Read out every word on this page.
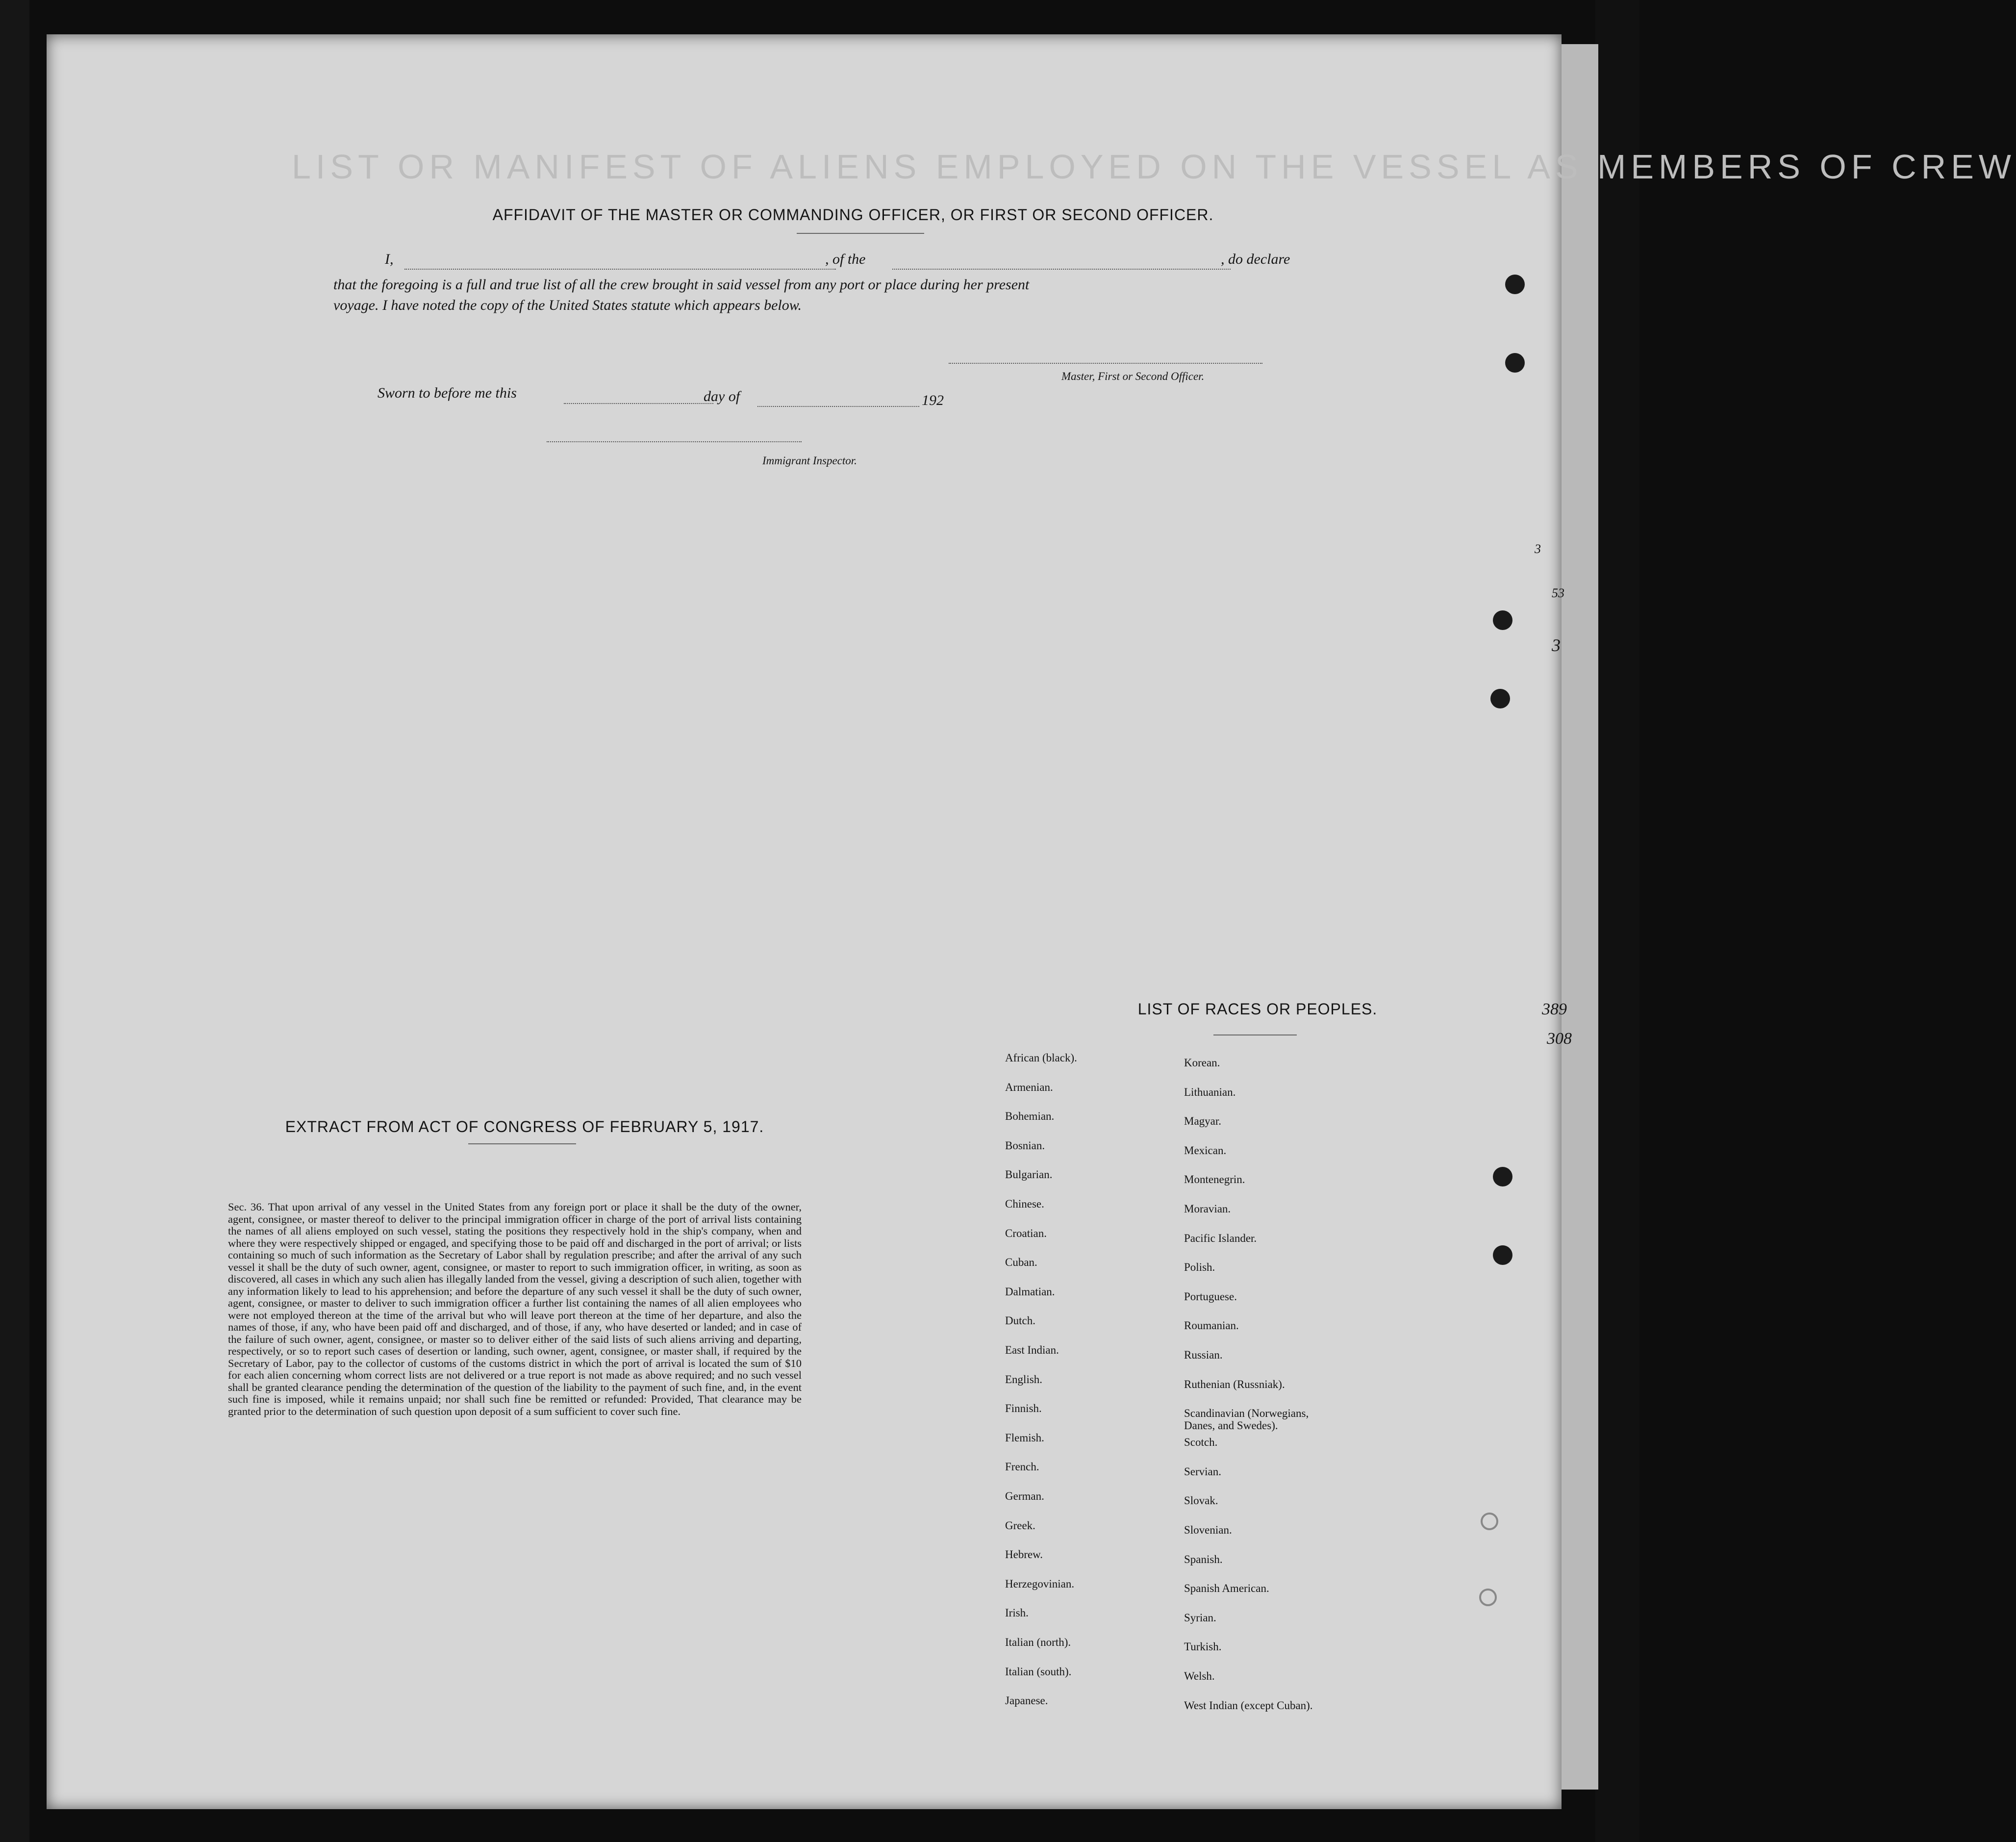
LIST OR MANIFEST OF ALIENS EMPLOYED ON THE VESSEL AS MEMBERS OF CREW
AFFIDAVIT OF THE MASTER OR COMMANDING OFFICER, OR FIRST OR SECOND OFFICER.
I,	, of the	, do declare
that the foregoing is a full and true list of all the crew brought in said vessel from any port or place during her present
voyage. I have noted the copy of the United States statute which appears below.
Master, First or Second Officer.
Sworn to before me this	day of	192
Immigrant Inspector.
EXTRACT FROM ACT OF CONGRESS OF FEBRUARY 5, 1917.
Sec. 36. That upon arrival of any vessel in the United States from any foreign port or place it shall be the duty of the owner, agent, consignee, or master thereof to deliver to the principal immigration officer in charge of the port of arrival lists containing the names of all aliens employed on such vessel, stating the positions they respectively hold in the ship's company, when and where they were respectively shipped or engaged, and specifying those to be paid off and discharged in the port of arrival; or lists containing so much of such information as the Secretary of Labor shall by regulation prescribe; and after the arrival of any such vessel it shall be the duty of such owner, agent, consignee, or master to report to such immigration officer, in writing, as soon as discovered, all cases in which any such alien has illegally landed from the vessel, giving a description of such alien, together with any information likely to lead to his apprehension; and before the departure of any such vessel it shall be the duty of such owner, agent, consignee, or master to deliver to such immigration officer a further list containing the names of all alien employees who were not employed thereon at the time of the arrival but who will leave port thereon at the time of her departure, and also the names of those, if any, who have been paid off and discharged, and of those, if any, who have deserted or landed; and in case of the failure of such owner, agent, consignee, or master so to deliver either of the said lists of such aliens arriving and departing, respectively, or so to report such cases of desertion or landing, such owner, agent, consignee, or master shall, if required by the Secretary of Labor, pay to the collector of customs of the customs district in which the port of arrival is located the sum of $10 for each alien concerning whom correct lists are not delivered or a true report is not made as above required; and no such vessel shall be granted clearance pending the determination of the question of the liability to the payment of such fine, and, in the event such fine is imposed, while it remains unpaid; nor shall such fine be remitted or refunded: Provided, That clearance may be granted prior to the determination of such question upon deposit of a sum sufficient to cover such fine.
LIST OF RACES OR PEOPLES.
African (black).
Armenian.
Bohemian.
Bosnian.
Bulgarian.
Chinese.
Croatian.
Cuban.
Dalmatian.
Dutch.
East Indian.
English.
Finnish.
Flemish.
French.
German.
Greek.
Hebrew.
Herzegovinian.
Irish.
Italian (north).
Italian (south).
Japanese.
Korean.
Lithuanian.
Magyar.
Mexican.
Montenegrin.
Moravian.
Pacific Islander.
Polish.
Portuguese.
Roumanian.
Russian.
Ruthenian (Russniak).
Scandinavian (Norwegians,
Danes, and Swedes).
Scotch.
Servian.
Slovak.
Slovenian.
Spanish.
Spanish American.
Syrian.
Turkish.
Welsh.
West Indian (except Cuban).
3
53
3
389
308
